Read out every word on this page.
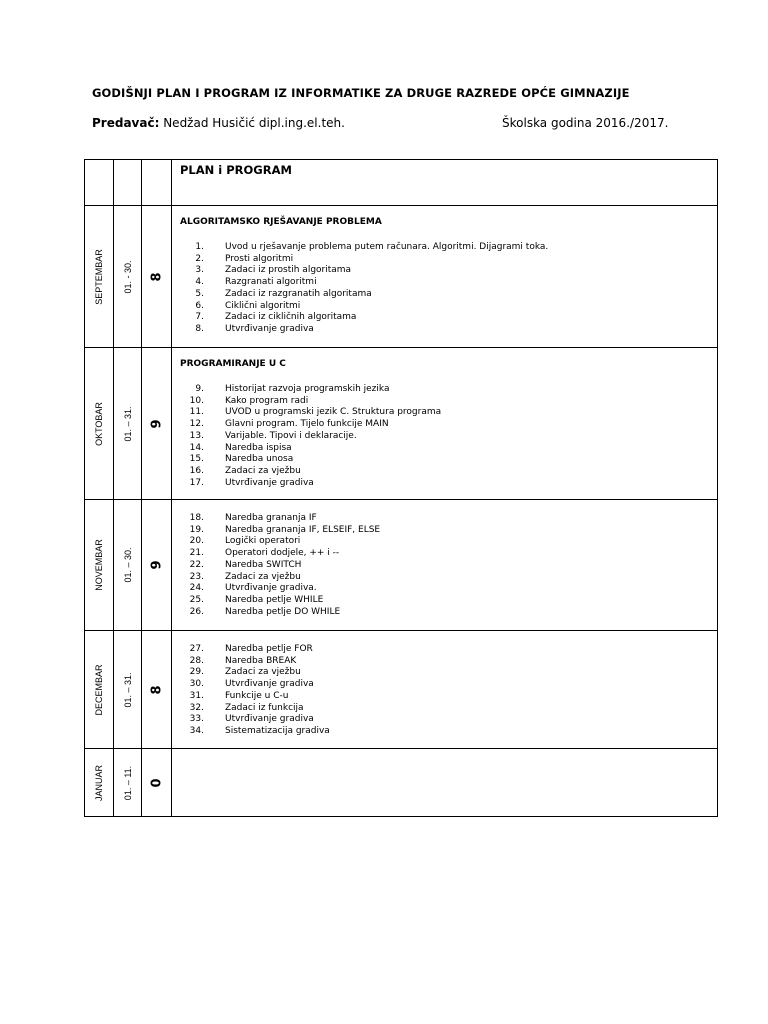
GODIŠNJI PLAN I PROGRAM IZ INFORMATIKE ZA DRUGE RAZREDE OPĆE GIMNAZIJE
Predavač: Nedžad Husičić dipl.ing.el.teh.	Školska godina 2016./2017.
PLAN i PROGRAM
SEPTEMBAR 01. - 30. 8
ALGORITAMSKO RJEŠAVANJE PROBLEMA
1. Uvod u rješavanje problema putem računara. Algoritmi. Dijagrami toka.
2. Prosti algoritmi
3. Zadaci iz prostih algoritama
4. Razgranati algoritmi
5. Zadaci iz razgranatih algoritama
6. Ciklični algoritmi
7. Zadaci iz cikličnih algoritama
8. Utvrđivanje gradiva
OKTOBAR 01. – 31. 9
PROGRAMIRANJE U C
9. Historijat razvoja programskih jezika
10. Kako program radi
11. UVOD u programski jezik C. Struktura programa
12. Glavni program. Tijelo funkcije MAIN
13. Varijable. Tipovi i deklaracije.
14. Naredba ispisa
15. Naredba unosa
16. Zadaci za vježbu
17. Utvrđivanje gradiva
NOVEMBAR 01. – 30. 9
18. Naredba grananja IF
19. Naredba grananja IF, ELSEIF, ELSE
20. Logički operatori
21. Operatori dodjele, ++ i --
22. Naredba SWITCH
23. Zadaci za vježbu
24. Utvrđivanje gradiva.
25. Naredba petlje WHILE
26. Naredba petlje DO WHILE
DECEMBAR 01. – 31. 8
27. Naredba petlje FOR
28. Naredba BREAK
29. Zadaci za vježbu
30. Utvrđivanje gradiva
31. Funkcije u C-u
32. Zadaci iz funkcija
33. Utvrđivanje gradiva
34. Sistematizacija gradiva
JANUAR 01. – 11. 0
